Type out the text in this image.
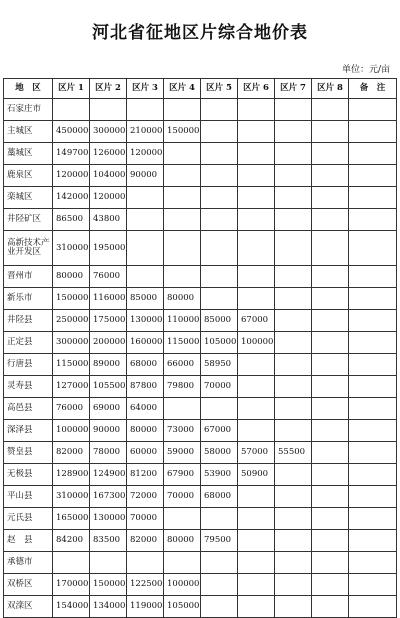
河北省征地区片综合地价表
单位：元/亩
地　区	区片 1	区片 2	区片 3	区片 4	区片 5	区片 6	区片 7	区片 8	备　注
石家庄市									
主城区	450000	300000	210000	150000					
藁城区	149700	126000	120000						
鹿泉区	120000	104000	90000						
栾城区	142000	120000							
井陉矿区	86500	43800							
高新技术产业开发区	310000	195000							
晋州市	80000	76000							
新乐市	150000	116000	85000	80000					
井陉县	250000	175000	130000	110000	85000	67000			
正定县	300000	200000	160000	115000	105000	100000			
行唐县	115000	89000	68000	66000	58950				
灵寿县	127000	105500	87800	79800	70000				
高邑县	76000	69000	64000						
深泽县	100000	90000	80000	73000	67000				
赞皇县	82000	78000	60000	59000	58000	57000	55500		
无极县	128900	124900	81200	67900	53900	50900			
平山县	310000	167300	72000	70000	68000				
元氏县	165000	130000	70000						
赵　县	84200	83500	82000	80000	79500				
承德市									
双桥区	170000	150000	122500	100000					
双滦区	154000	134000	119000	105000					
